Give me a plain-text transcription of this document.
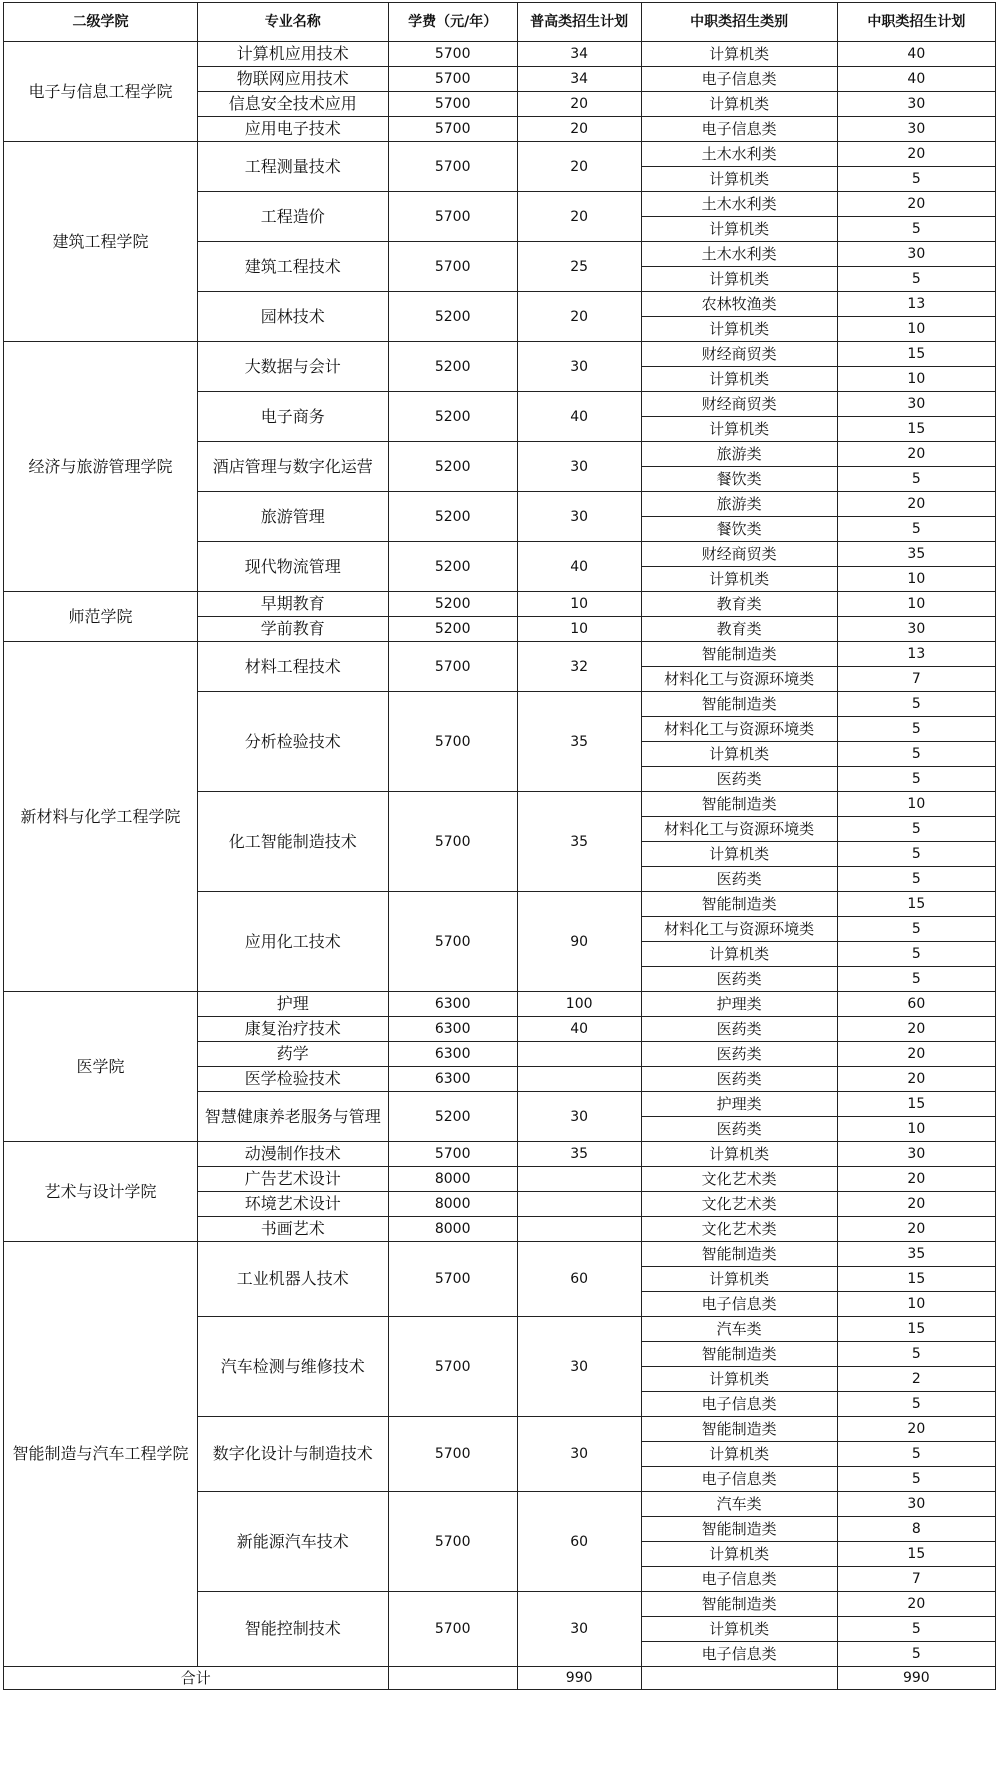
二级学院	专业名称	学费（元/年）	普高类招生计划	中职类招生类别	中职类招生计划
电子与信息工程学院	计算机应用技术	5700	34	计算机类	40
	物联网应用技术	5700	34	电子信息类	40
	信息安全技术应用	5700	20	计算机类	30
	应用电子技术	5700	20	电子信息类	30
建筑工程学院	工程测量技术	5700	20	土木水利类	20
				计算机类	5
	工程造价	5700	20	土木水利类	20
				计算机类	5
	建筑工程技术	5700	25	土木水利类	30
				计算机类	5
	园林技术	5200	20	农林牧渔类	13
				计算机类	10
经济与旅游管理学院	大数据与会计	5200	30	财经商贸类	15
				计算机类	10
	电子商务	5200	40	财经商贸类	30
				计算机类	15
	酒店管理与数字化运营	5200	30	旅游类	20
				餐饮类	5
	旅游管理	5200	30	旅游类	20
				餐饮类	5
	现代物流管理	5200	40	财经商贸类	35
				计算机类	10
师范学院	早期教育	5200	10	教育类	10
	学前教育	5200	10	教育类	30
新材料与化学工程学院	材料工程技术	5700	32	智能制造类	13
				材料化工与资源环境类	7
	分析检验技术	5700	35	智能制造类	5
				材料化工与资源环境类	5
				计算机类	5
				医药类	5
	化工智能制造技术	5700	35	智能制造类	10
				材料化工与资源环境类	5
				计算机类	5
				医药类	5
	应用化工技术	5700	90	智能制造类	15
				材料化工与资源环境类	5
				计算机类	5
				医药类	5
医学院	护理	6300	100	护理类	60
	康复治疗技术	6300	40	医药类	20
	药学	6300		医药类	20
	医学检验技术	6300		医药类	20
	智慧健康养老服务与管理	5200	30	护理类	15
				医药类	10
艺术与设计学院	动漫制作技术	5700	35	计算机类	30
	广告艺术设计	8000		文化艺术类	20
	环境艺术设计	8000		文化艺术类	20
	书画艺术	8000		文化艺术类	20
智能制造与汽车工程学院	工业机器人技术	5700	60	智能制造类	35
				计算机类	15
				电子信息类	10
	汽车检测与维修技术	5700	30	汽车类	15
				智能制造类	5
				计算机类	2
				电子信息类	5
	数字化设计与制造技术	5700	30	智能制造类	20
				计算机类	5
				电子信息类	5
	新能源汽车技术	5700	60	汽车类	30
				智能制造类	8
				计算机类	15
				电子信息类	7
	智能控制技术	5700	30	智能制造类	20
				计算机类	5
				电子信息类	5
合计			990		990
